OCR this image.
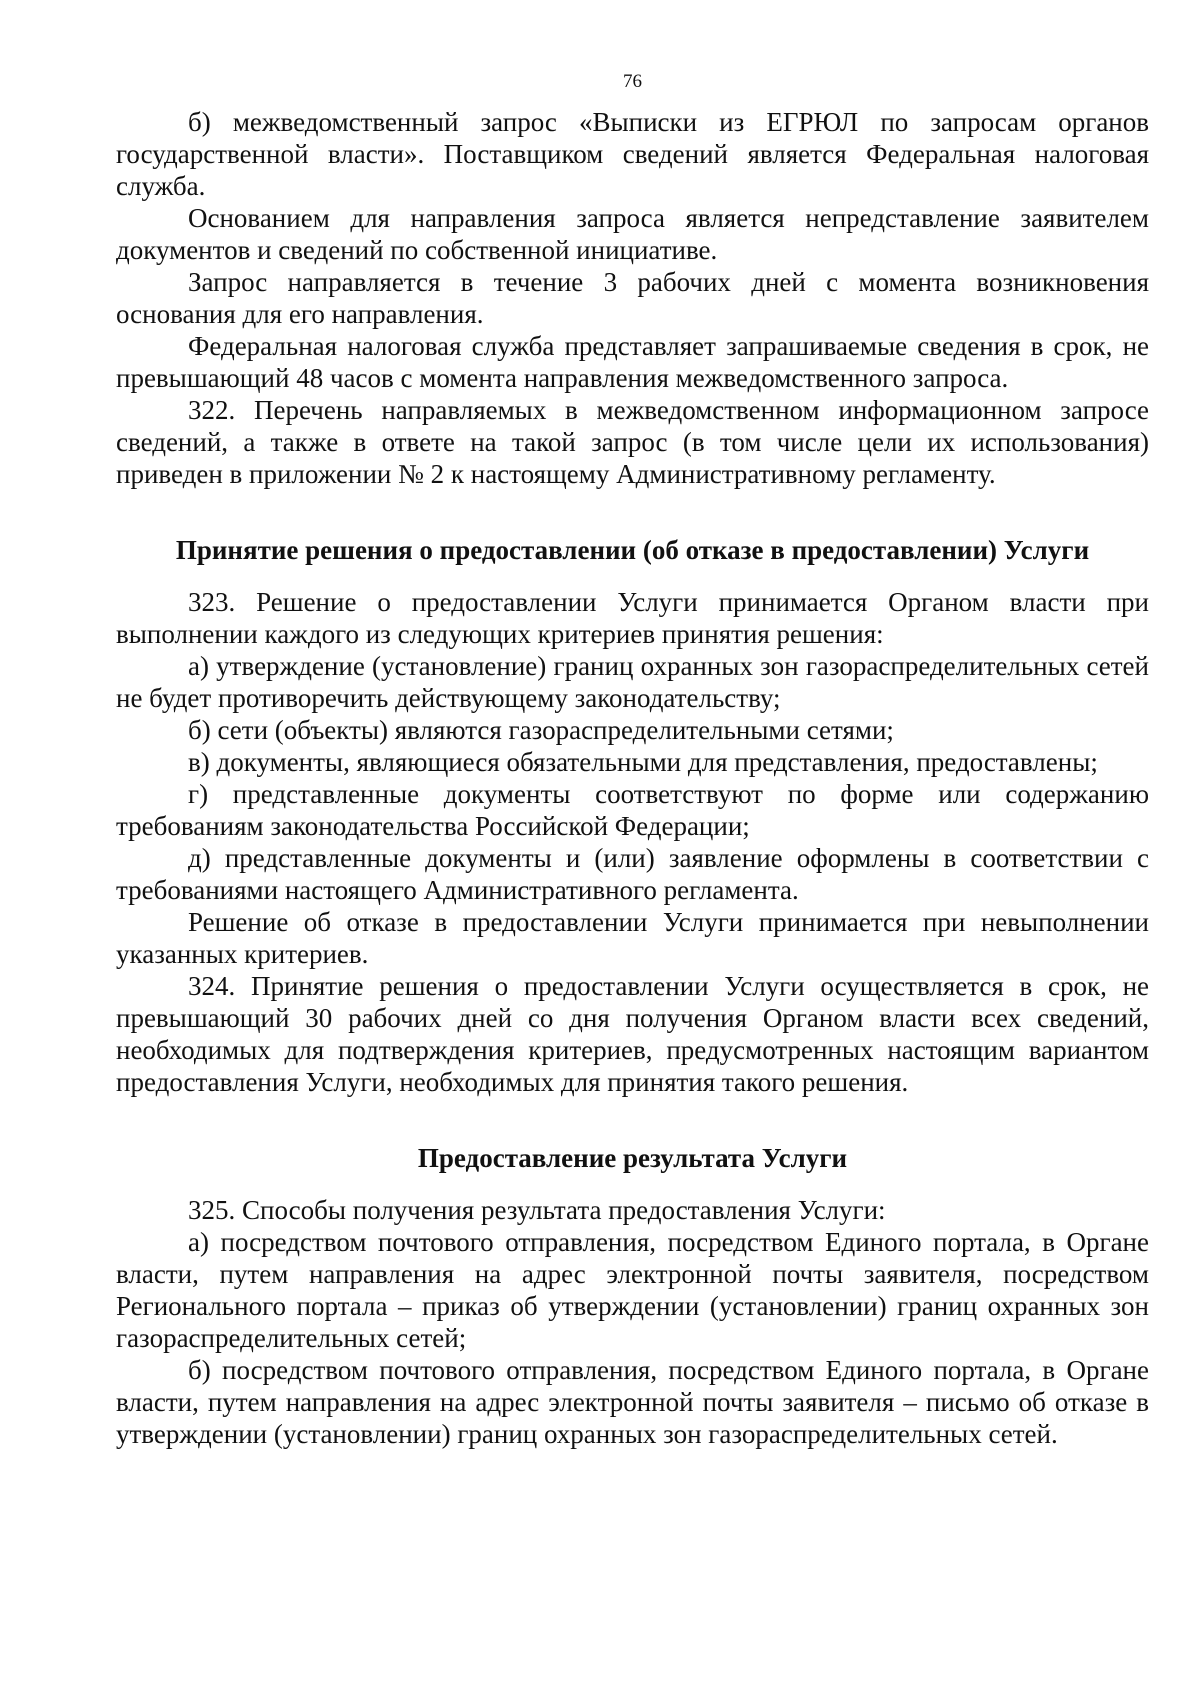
76

б) межведомственный запрос «Выписки из ЕГРЮЛ по запросам органов государственной власти». Поставщиком сведений является Федеральная налоговая служба.

Основанием для направления запроса является непредставление заявителем документов и сведений по собственной инициативе.

Запрос направляется в течение 3 рабочих дней с момента возникновения основания для его направления.

Федеральная налоговая служба представляет запрашиваемые сведения в срок, не превышающий 48 часов с момента направления межведомственного запроса.

322. Перечень направляемых в межведомственном информационном запросе сведений, а также в ответе на такой запрос (в том числе цели их использования) приведен в приложении № 2 к настоящему Административному регламенту.

Принятие решения о предоставлении (об отказе в предоставлении) Услуги

323. Решение о предоставлении Услуги принимается Органом власти при выполнении каждого из следующих критериев принятия решения:

а) утверждение (установление) границ охранных зон газораспределительных сетей не будет противоречить действующему законодательству;

б) сети (объекты) являются газораспределительными сетями;

в) документы, являющиеся обязательными для представления, предоставлены;

г) представленные документы соответствуют по форме или содержанию требованиям законодательства Российской Федерации;

д) представленные документы и (или) заявление оформлены в соответствии с требованиями настоящего Административного регламента.

Решение об отказе в предоставлении Услуги принимается при невыполнении указанных критериев.

324. Принятие решения о предоставлении Услуги осуществляется в срок, не превышающий 30 рабочих дней со дня получения Органом власти всех сведений, необходимых для подтверждения критериев, предусмотренных настоящим вариантом предоставления Услуги, необходимых для принятия такого решения.

Предоставление результата Услуги

325. Способы получения результата предоставления Услуги:

а) посредством почтового отправления, посредством Единого портала, в Органе власти, путем направления на адрес электронной почты заявителя, посредством Регионального портала – приказ об утверждении (установлении) границ охранных зон газораспределительных сетей;

б) посредством почтового отправления, посредством Единого портала, в Органе власти, путем направления на адрес электронной почты заявителя – письмо об отказе в утверждении (установлении) границ охранных зон газораспределительных сетей.
